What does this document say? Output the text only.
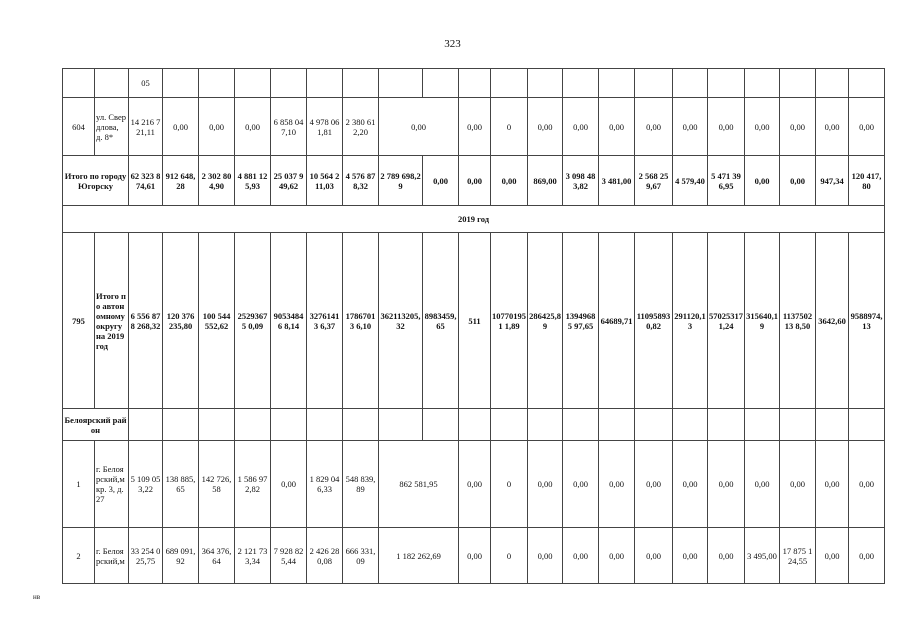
323
		05																					
604	ул. Свердлова, д. 8*	14 216 721,11	0,00	0,00	0,00	6 858 047,10	4 978 061,81	2 380 612,20	0,00		0,00	0	0,00	0,00	0,00	0,00	0,00	0,00	0,00	0,00	0,00	0,00	
Итого по городу Югорску		62 323 874,61	912 648,28	2 302 804,90	4 881 125,93	25 037 949,62	10 564 211,03	4 576 878,32	2 789 698,29	0,00	0,00	0,00	869,00	3 098 483,82	3 481,00	2 568 259,67	4 579,40	5 471 396,95	0,00	0,00	947,34	120 417,80	
2019 год																							
795	Итого по автономному округу на 2019 год	6 556 878 268,32	120 376 235,80	100 544 552,62	25293675 0,09	90534846 8,14	32761413 6,37	17867013 6,10	362113205,32	8983459,65	511	107701951 1,89	286425,89	13949685 97,65	64689,71	11095893 0,82	291120,13	57025317 1,24	315640,19	113750213 8,50	3642,60	9588974,13	
Белоярский район																							
1	г. Белоярский,мкр. 3, д. 27	5 109 053,22	138 885,65	142 726,58	1 586 972,82	0,00	1 829 046,33	548 839,89	862 581,95		0,00	0	0,00	0,00	0,00	0,00	0,00	0,00	0,00	0,00	0,00	0,00	
2	г. Белоярский,м	33 254 025,75	689 091,92	364 376,64	2 121 733,34	7 928 825,44	2 426 280,08	666 331,09	1 182 262,69		0,00	0	0,00	0,00	0,00	0,00	0,00	0,00	3 495,00	17 875 124,55	0,00	0,00	
нв
